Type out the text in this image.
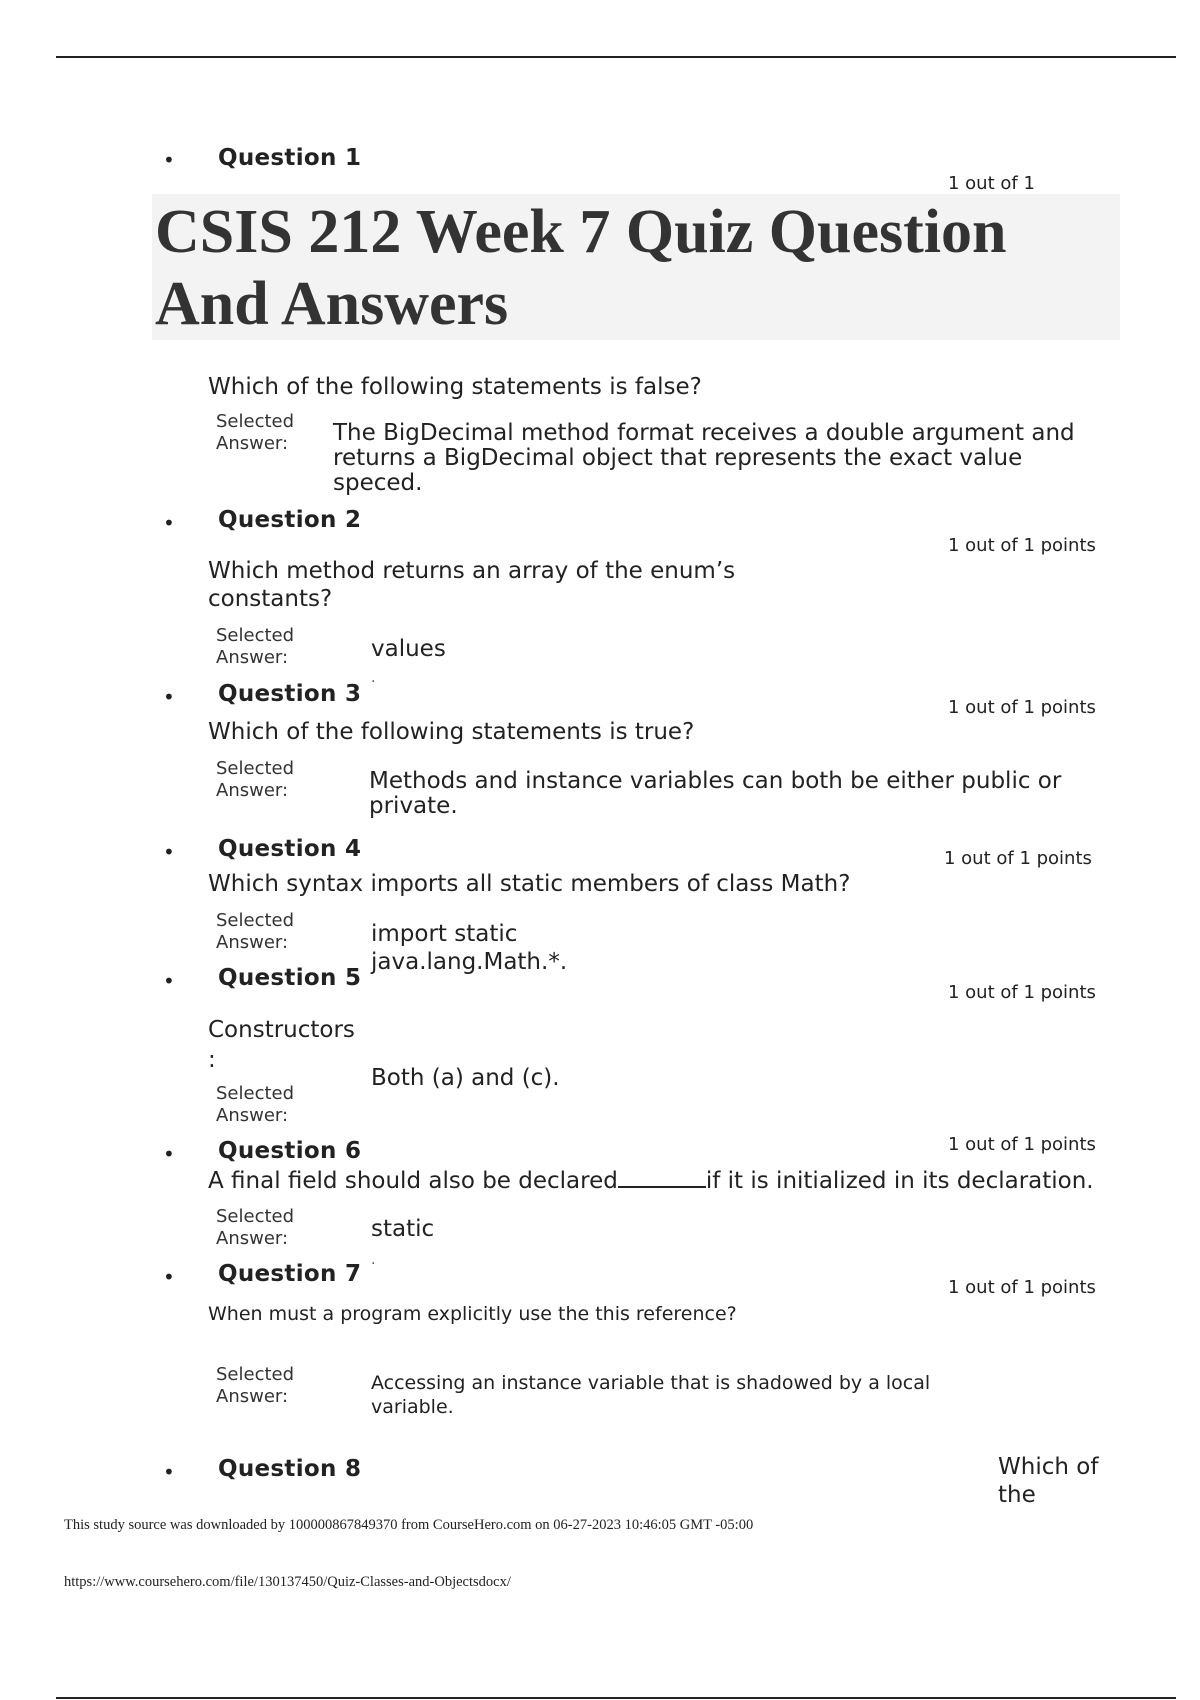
• Question 1
1 out of 1
CSIS 212 Week 7 Quiz Question And Answers
Which of the following statements is false?
Selected Answer:	The BigDecimal method format receives a double argument and returns a BigDecimal object that represents the exact value speced.
• Question 2
1 out of 1 points
Which method returns an array of the enum’s constants?
Selected Answer:	values
• Question 3 ·
1 out of 1 points
Which of the following statements is true?
Selected Answer:	Methods and instance variables can both be either public or private.
• Question 4	1 out of 1 points
Which syntax imports all static members of class Math?
Selected Answer:	import static java.lang.Math.*.
• Question 5
1 out of 1 points
Constructors :
Selected Answer:
Both (a) and (c).
• Question 6	1 out of 1 points
A final field should also be declared	if it is initialized in its declaration.
Selected Answer:	static
• Question 7 ·
1 out of 1 points
When must a program explicitly use the this reference?
Selected Answer:
Accessing an instance variable that is shadowed by a local variable.
• Question 8	Which of the
This study source was downloaded by 100000867849370 from CourseHero.com on 06-27-2023 10:46:05 GMT -05:00
https://www.coursehero.com/file/130137450/Quiz-Classes-and-Objectsdocx/
